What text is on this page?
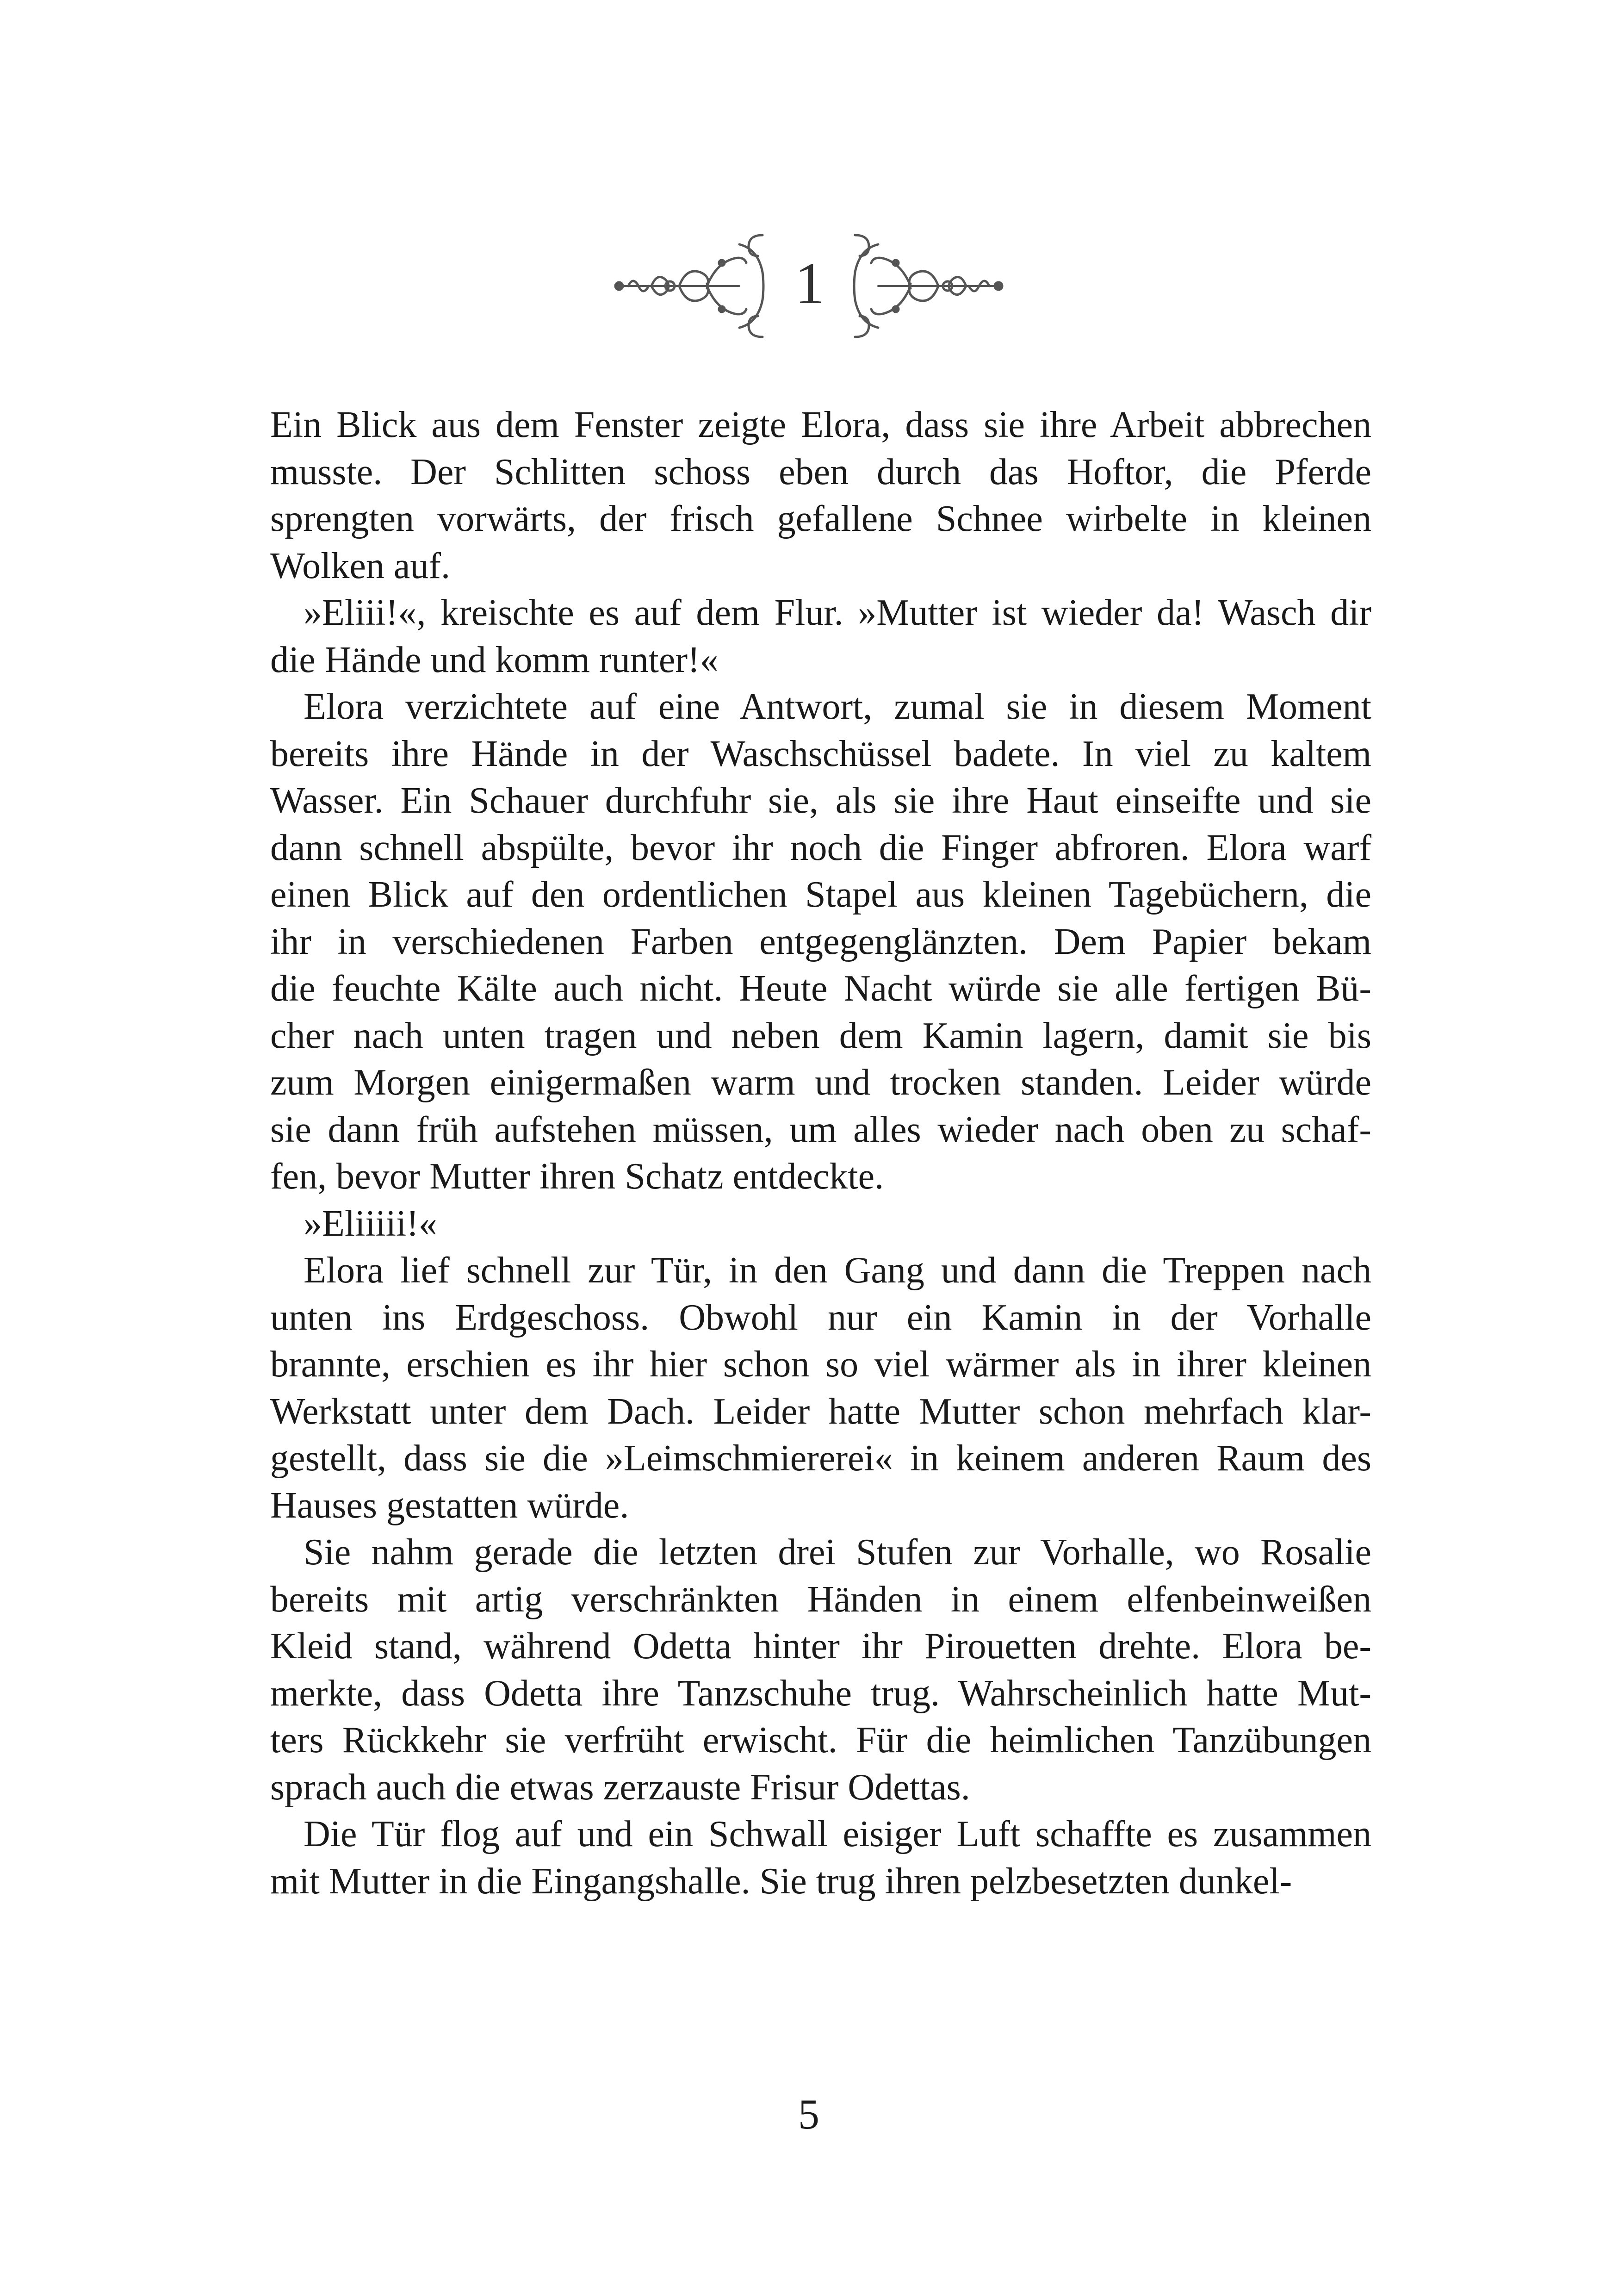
1
Ein Blick aus dem Fenster zeigte Elora, dass sie ihre Arbeit abbrechen
musste. Der Schlitten schoss eben durch das Hoftor, die Pferde
sprengten vorwärts, der frisch gefallene Schnee wirbelte in kleinen
Wolken auf.
»Eliii!«, kreischte es auf dem Flur. »Mutter ist wieder da! Wasch dir
die Hände und komm runter!«
Elora verzichtete auf eine Antwort, zumal sie in diesem Moment
bereits ihre Hände in der Waschschüssel badete. In viel zu kaltem
Wasser. Ein Schauer durchfuhr sie, als sie ihre Haut einseifte und sie
dann schnell abspülte, bevor ihr noch die Finger abfroren. Elora warf
einen Blick auf den ordentlichen Stapel aus kleinen Tagebüchern, die
ihr in verschiedenen Farben entgegenglänzten. Dem Papier bekam
die feuchte Kälte auch nicht. Heute Nacht würde sie alle fertigen Bü-
cher nach unten tragen und neben dem Kamin lagern, damit sie bis
zum Morgen einigermaßen warm und trocken standen. Leider würde
sie dann früh aufstehen müssen, um alles wieder nach oben zu schaf-
fen, bevor Mutter ihren Schatz entdeckte.
»Eliiiii!«
Elora lief schnell zur Tür, in den Gang und dann die Treppen nach
unten ins Erdgeschoss. Obwohl nur ein Kamin in der Vorhalle
brannte, erschien es ihr hier schon so viel wärmer als in ihrer kleinen
Werkstatt unter dem Dach. Leider hatte Mutter schon mehrfach klar-
gestellt, dass sie die »Leimschmiererei« in keinem anderen Raum des
Hauses gestatten würde.
Sie nahm gerade die letzten drei Stufen zur Vorhalle, wo Rosalie
bereits mit artig verschränkten Händen in einem elfenbeinweißen
Kleid stand, während Odetta hinter ihr Pirouetten drehte. Elora be-
merkte, dass Odetta ihre Tanzschuhe trug. Wahrscheinlich hatte Mut-
ters Rückkehr sie verfrüht erwischt. Für die heimlichen Tanzübungen
sprach auch die etwas zerzauste Frisur Odettas.
Die Tür flog auf und ein Schwall eisiger Luft schaffte es zusammen
mit Mutter in die Eingangshalle. Sie trug ihren pelzbesetzten dunkel-
5
